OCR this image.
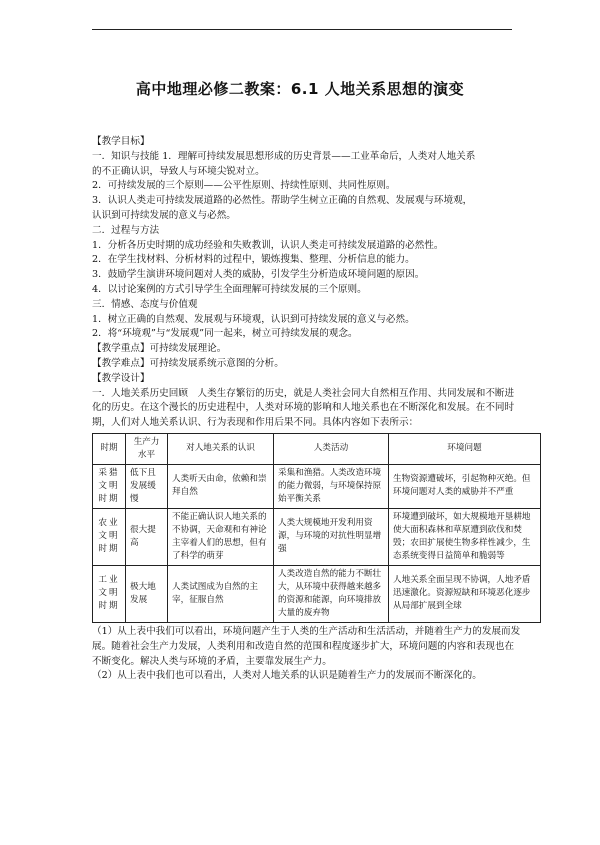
高中地理必修二教案：6.1 人地关系思想的演变
【教学目标】
一．知识与技能 1．理解可持续发展思想形成的历史背景——工业革命后，人类对人地关系
的不正确认识，导致人与环境尖锐对立。
2．可持续发展的三个原则——公平性原则、持续性原则、共同性原则。
3．认识人类走可持续发展道路的必然性。帮助学生树立正确的自然观、发展观与环境观，
认识到可持续发展的意义与必然。
二．过程与方法
1．分析各历史时期的成功经验和失败教训，认识人类走可持续发展道路的必然性。
2．在学生找材料、分析材料的过程中，锻炼搜集、整理、分析信息的能力。
3．鼓励学生演讲环境问题对人类的威胁，引发学生分析造成环境问题的原因。
4．以讨论案例的方式引导学生全面理解可持续发展的三个原则。
三．情感、态度与价值观
1．树立正确的自然观、发展观与环境观，认识到可持续发展的意义与必然。
2．将“环境观”与“发展观”同一起来，树立可持续发展的观念。
【教学重点】可持续发展理论。
【教学难点】可持续发展系统示意图的分析。
【教学设计】
一．人地关系历史回顾　人类生存繁衍的历史，就是人类社会同大自然相互作用、共同发展和不断进化的历史。在这个漫长的历史进程中，人类对环境的影响和人地关系也在不断深化和发展。在不同时期，人们对人地关系认识、行为表现和作用后果不同。具体内容如下表所示：
时期	生产力水平	对人地关系的认识	人类活动	环境问题
采猎文明时期	低下且发展缓慢	人类听天由命，依赖和崇拜自然	采集和渔猎。人类改造环境的能力微弱，与环境保持原始平衡关系	生物资源遭破坏，引起物种灭绝。但环境问题对人类的威胁并不严重
农业文明时期	很大提高	不能正确认识人地关系的不协调，天命观和有神论主宰着人们的思想，但有了科学的萌芽	人类大规模地开发利用资源，与环境的对抗性明显增强	环境遭到破坏，如大规模地开垦耕地使大面积森林和草原遭到砍伐和焚毁；农田扩展使生物多样性减少，生态系统变得日益简单和脆弱等
工业文明时期	极大地发展	人类试图成为自然的主宰，征服自然	人类改造自然的能力不断壮大，从环境中获得越来越多的资源和能源，向环境排放大量的废弃物	人地关系全面呈现不协调，人地矛盾迅速激化。资源短缺和环境恶化逐步从局部扩展到全球
（1）从上表中我们可以看出，环境问题产生于人类的生产活动和生活活动，并随着生产力的发展而发展。随着社会生产力发展，人类利用和改造自然的范围和程度逐步扩大，环境问题的内容和表现也在不断变化。解决人类与环境的矛盾，主要靠发展生产力。
（2）从上表中我们也可以看出，人类对人地关系的认识是随着生产力的发展而不断深化的。
